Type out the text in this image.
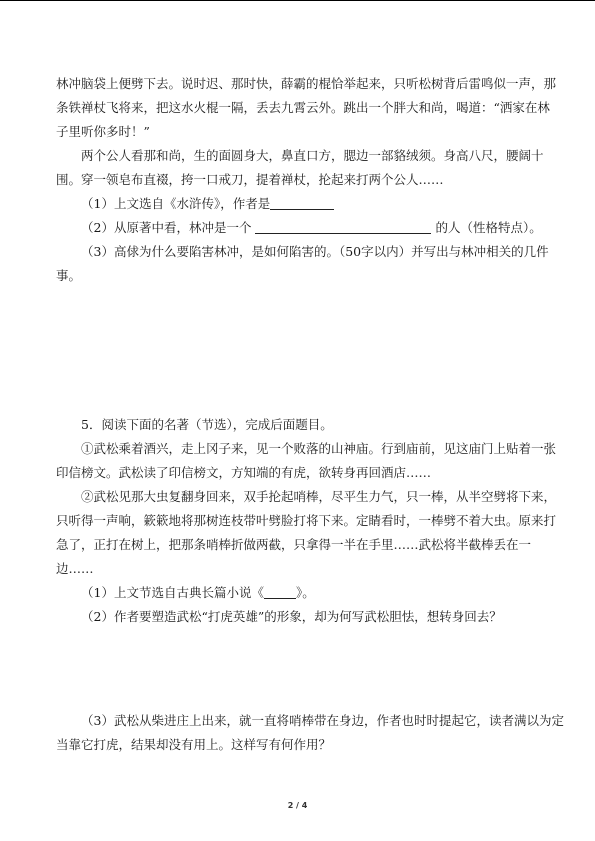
林冲脑袋上便劈下去。说时迟、那时快，薛霸的棍恰举起来，只听松树背后雷鸣似一声，那
条铁禅杖飞将来，把这水火棍一隔，丢去九霄云外。跳出一个胖大和尚，喝道：“洒家在林
子里听你多时！”
两个公人看那和尚，生的面圆身大，鼻直口方，腮边一部貉绒须。身高八尺，腰阔十
围。穿一领皂布直裰，挎一口戒刀，提着禅杖，抡起来打两个公人……
（1）上文选自《水浒传》，作者是
（2）从原著中看，林冲是一个	的人（性格特点）。
（3）高俅为什么要陷害林冲，是如何陷害的。（50字以内）并写出与林冲相关的几件
事。
5．阅读下面的名著（节选），完成后面题目。
①武松乘着酒兴，走上冈子来，见一个败落的山神庙。行到庙前，见这庙门上贴着一张
印信榜文。武松读了印信榜文，方知端的有虎，欲转身再回酒店……
②武松见那大虫复翻身回来，双手抡起哨棒，尽平生力气，只一棒，从半空劈将下来，
只听得一声响，簌簌地将那树连枝带叶劈脸打将下来。定睛看时，一棒劈不着大虫。原来打
急了，正打在树上，把那条哨棒折做两截，只拿得一半在手里……武松将半截棒丢在一
边……
（1）上文节选自古典长篇小说《	》。
（2）作者要塑造武松“打虎英雄”的形象，却为何写武松胆怯，想转身回去？
（3）武松从柴进庄上出来，就一直将哨棒带在身边，作者也时时提起它，读者满以为定
当靠它打虎，结果却没有用上。这样写有何作用？
2 / 4
